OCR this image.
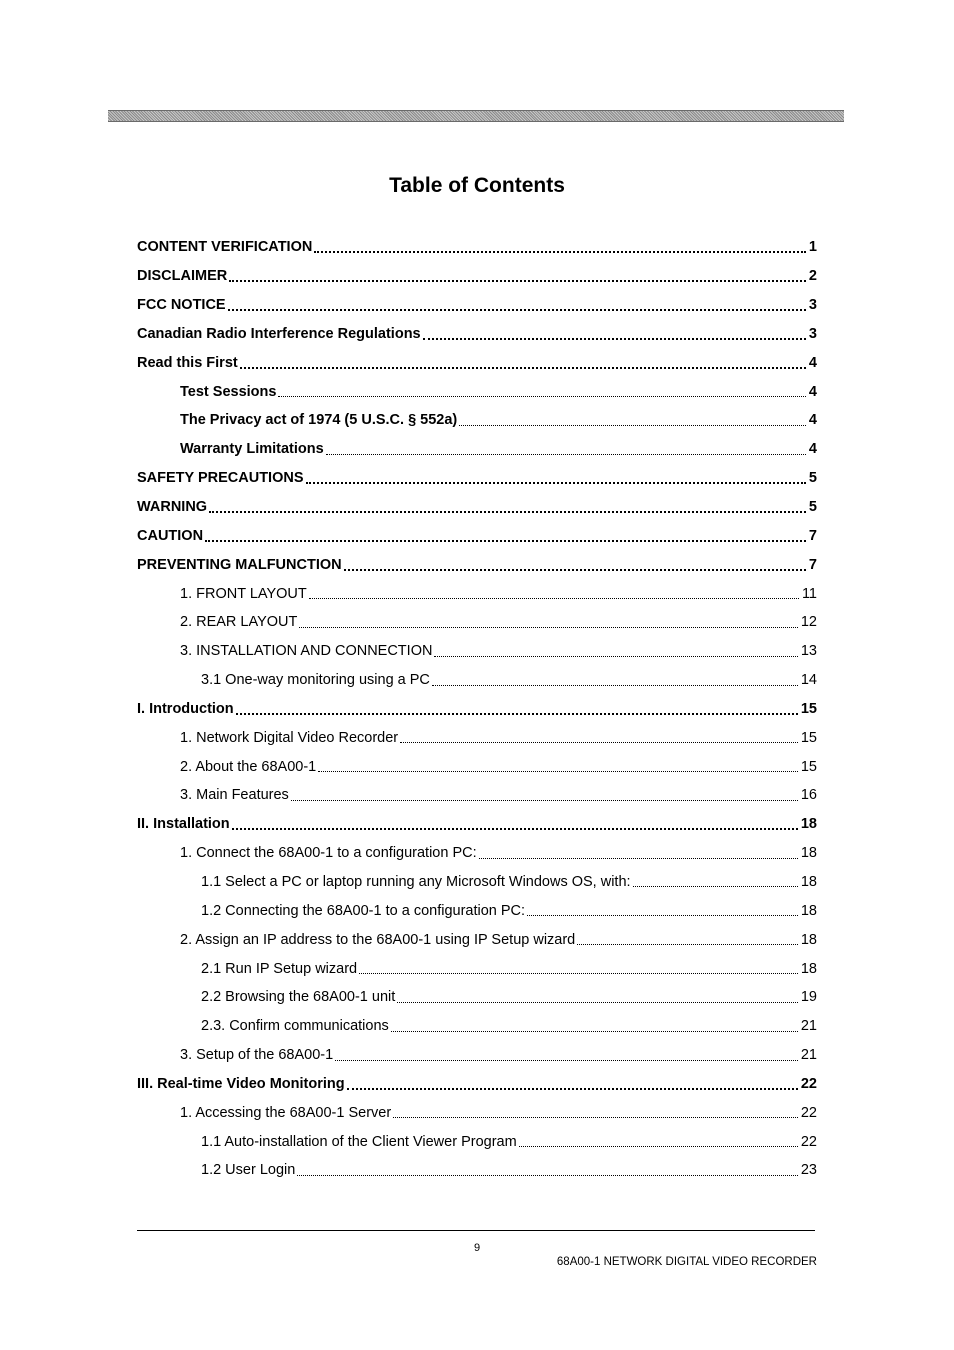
Table of Contents
CONTENT VERIFICATION	1
DISCLAIMER	2
FCC NOTICE	3
Canadian Radio Interference Regulations	3
Read this First	4
Test Sessions	4
The Privacy act of 1974 (5 U.S.C. § 552a)	4
Warranty Limitations	4
SAFETY PRECAUTIONS	5
WARNING	5
CAUTION	7
PREVENTING MALFUNCTION	7
1. FRONT LAYOUT	11
2. REAR LAYOUT	12
3. INSTALLATION AND CONNECTION	13
3.1 One-way monitoring using a PC	14
I. Introduction	15
1. Network Digital Video Recorder	15
2. About the 68A00-1	15
3. Main Features	16
II. Installation	18
1. Connect the 68A00-1 to a configuration PC:	18
1.1 Select a PC or laptop running any Microsoft Windows OS, with:	18
1.2 Connecting the 68A00-1 to a configuration PC:	18
2. Assign an IP address to the 68A00-1 using IP Setup wizard	18
2.1 Run IP Setup wizard	18
2.2 Browsing the 68A00-1 unit	19
2.3. Confirm communications	21
3. Setup of the 68A00-1	21
III. Real-time Video Monitoring	22
1. Accessing the 68A00-1 Server	22
1.1 Auto-installation of the Client Viewer Program	22
1.2 User Login	23
9
68A00-1 NETWORK DIGITAL VIDEO RECORDER
